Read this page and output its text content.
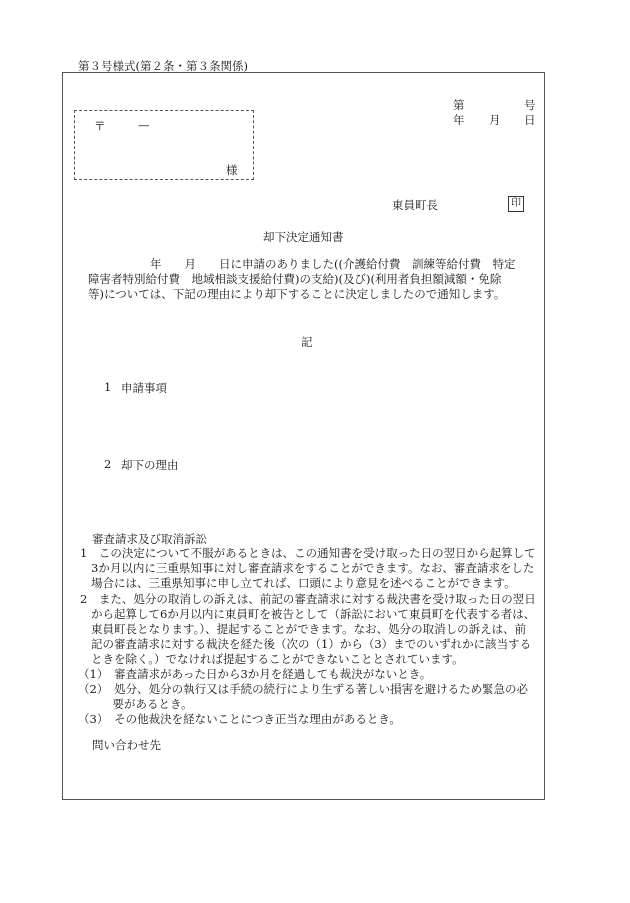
第３号様式(第２条・第３条関係)
第	号
年 月 日
〒	—
様
東員町長	印
却下決定通知書
年　　月　　日に申請のありました((介護給付費　訓練等給付費　特定
障害者特別給付費　地域相談支援給付費)の支給)(及び)(利用者負担額減額・免除
等)については、下記の理由により却下することに決定しましたので通知します。
記
1 申請事項
2 却下の理由
審査請求及び取消訴訟
1　この決定について不服があるときは、この通知書を受け取った日の翌日から起算して
3か月以内に三重県知事に対し審査請求をすることができます。なお、審査請求をした
場合には、三重県知事に申し立てれば、口頭により意見を述べることができます。
2　また、処分の取消しの訴えは、前記の審査請求に対する裁決書を受け取った日の翌日
から起算して6か月以内に東員町を被告として（訴訟において東員町を代表する者は、
東員町長となります。）、提起することができます。なお、処分の取消しの訴えは、前
記の審査請求に対する裁決を経た後（次の（1）から（3）までのいずれかに該当する
ときを除く。）でなければ提起することができないこととされています。
（1）　審査請求があった日から3か月を経過しても裁決がないとき。
（2）　処分、処分の執行又は手続の続行により生ずる著しい損害を避けるため緊急の必
　　　要があるとき。
（3）　その他裁決を経ないことにつき正当な理由があるとき。
問い合わせ先
